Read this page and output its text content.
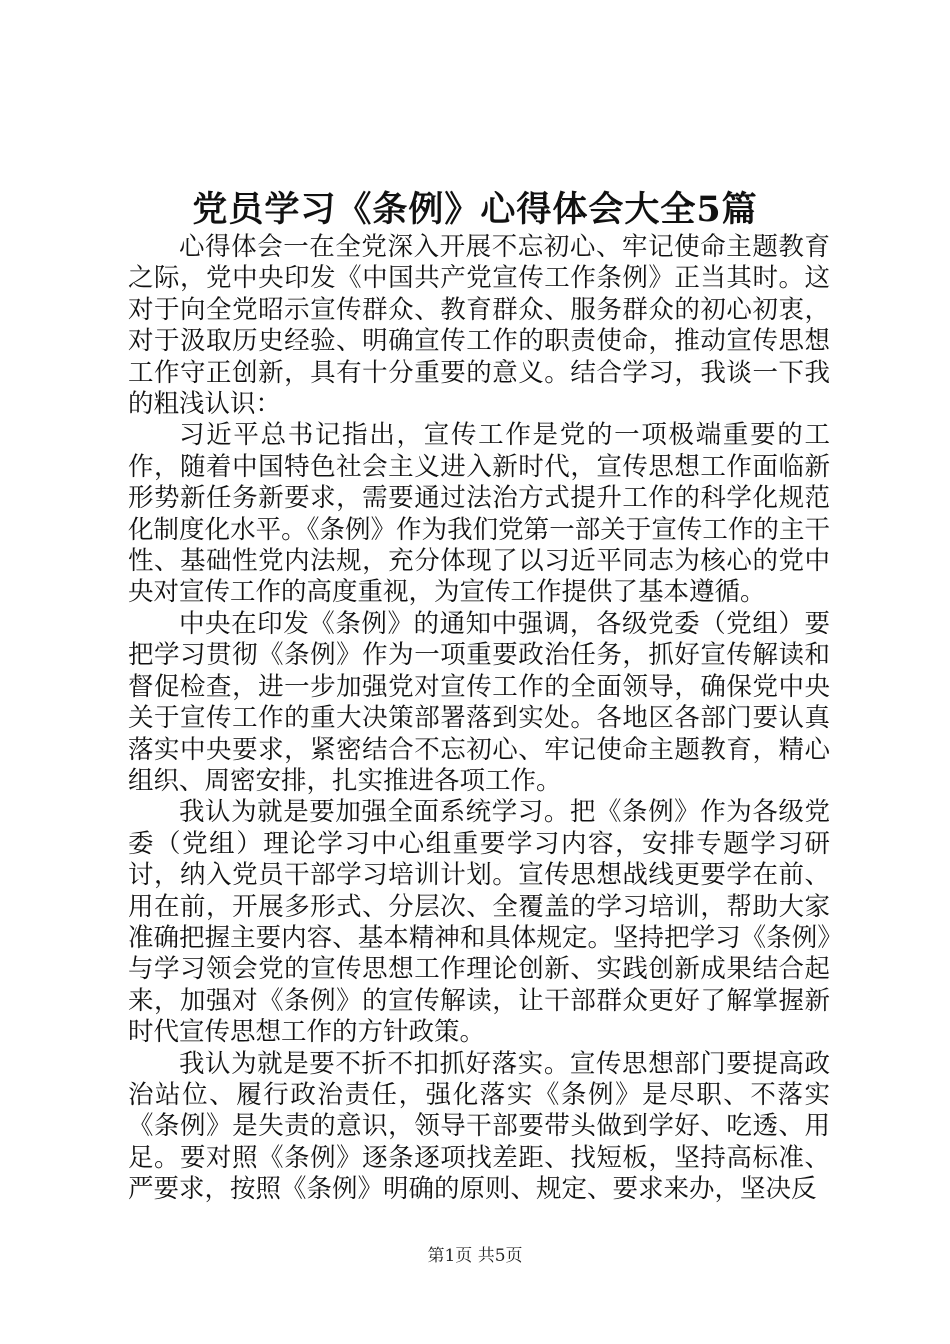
党员学习《条例》心得体会大全5篇

心得体会一在全党深入开展不忘初心、牢记使命主题教育之际，党中央印发《中国共产党宣传工作条例》正当其时。这对于向全党昭示宣传群众、教育群众、服务群众的初心初衷，对于汲取历史经验、明确宣传工作的职责使命，推动宣传思想工作守正创新，具有十分重要的意义。结合学习，我谈一下我的粗浅认识：

习近平总书记指出，宣传工作是党的一项极端重要的工作，随着中国特色社会主义进入新时代，宣传思想工作面临新形势新任务新要求，需要通过法治方式提升工作的科学化规范化制度化水平。《条例》作为我们党第一部关于宣传工作的主干性、基础性党内法规，充分体现了以习近平同志为核心的党中央对宣传工作的高度重视，为宣传工作提供了基本遵循。

中央在印发《条例》的通知中强调，各级党委（党组）要把学习贯彻《条例》作为一项重要政治任务，抓好宣传解读和督促检查，进一步加强党对宣传工作的全面领导，确保党中央关于宣传工作的重大决策部署落到实处。各地区各部门要认真落实中央要求，紧密结合不忘初心、牢记使命主题教育，精心组织、周密安排，扎实推进各项工作。

我认为就是要加强全面系统学习。把《条例》作为各级党委（党组）理论学习中心组重要学习内容，安排专题学习研讨，纳入党员干部学习培训计划。宣传思想战线更要学在前、用在前，开展多形式、分层次、全覆盖的学习培训，帮助大家准确把握主要内容、基本精神和具体规定。坚持把学习《条例》与学习领会党的宣传思想工作理论创新、实践创新成果结合起来，加强对《条例》的宣传解读，让干部群众更好了解掌握新时代宣传思想工作的方针政策。

我认为就是要不折不扣抓好落实。宣传思想部门要提高政治站位、履行政治责任，强化落实《条例》是尽职、不落实《条例》是失责的意识，领导干部要带头做到学好、吃透、用足。要对照《条例》逐条逐项找差距、找短板，坚持高标准、严要求，按照《条例》明确的原则、规定、要求来办，坚决反

第1页 共5页
